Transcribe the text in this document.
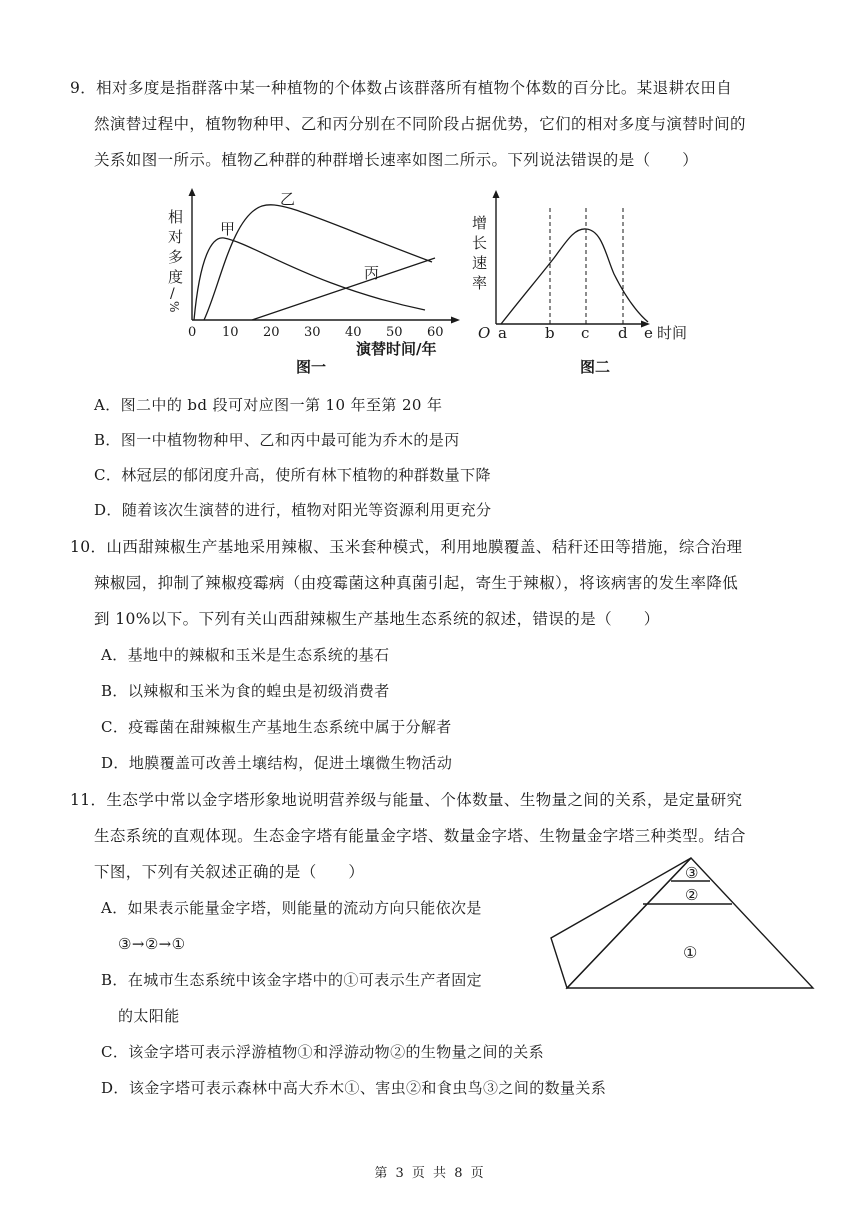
9．相对多度是指群落中某一种植物的个体数占该群落所有植物个体数的百分比。某退耕农田自
然演替过程中，植物物种甲、乙和丙分别在不同阶段占据优势，它们的相对多度与演替时间的
关系如图一所示。植物乙种群的种群增长速率如图二所示。下列说法错误的是（　　）
相
对
多
度
/
%
0 10 20 30 40 50 60
演替时间/年
图一
甲
乙
丙
增
长
速
率
O a	b c d e 时间
图二
A．图二中的 bd 段可对应图一第 10 年至第 20 年
B．图一中植物物种甲、乙和丙中最可能为乔木的是丙
C．林冠层的郁闭度升高，使所有林下植物的种群数量下降
D．随着该次生演替的进行，植物对阳光等资源利用更充分
10．山西甜辣椒生产基地采用辣椒、玉米套种模式，利用地膜覆盖、秸秆还田等措施，综合治理
辣椒园，抑制了辣椒疫霉病（由疫霉菌这种真菌引起，寄生于辣椒），将该病害的发生率降低
到 10%以下。下列有关山西甜辣椒生产基地生态系统的叙述，错误的是（　　）
A．基地中的辣椒和玉米是生态系统的基石
B．以辣椒和玉米为食的蝗虫是初级消费者
C．疫霉菌在甜辣椒生产基地生态系统中属于分解者
D．地膜覆盖可改善土壤结构，促进土壤微生物活动
11．生态学中常以金字塔形象地说明营养级与能量、个体数量、生物量之间的关系，是定量研究
生态系统的直观体现。生态金字塔有能量金字塔、数量金字塔、生物量金字塔三种类型。结合
下图，下列有关叙述正确的是（　　）	③
②
①
A．如果表示能量金字塔，则能量的流动方向只能依次是
③→②→①
B．在城市生态系统中该金字塔中的①可表示生产者固定
的太阳能
C．该金字塔可表示浮游植物①和浮游动物②的生物量之间的关系
D．该金字塔可表示森林中高大乔木①、害虫②和食虫鸟③之间的数量关系
第 3 页 共 8 页
